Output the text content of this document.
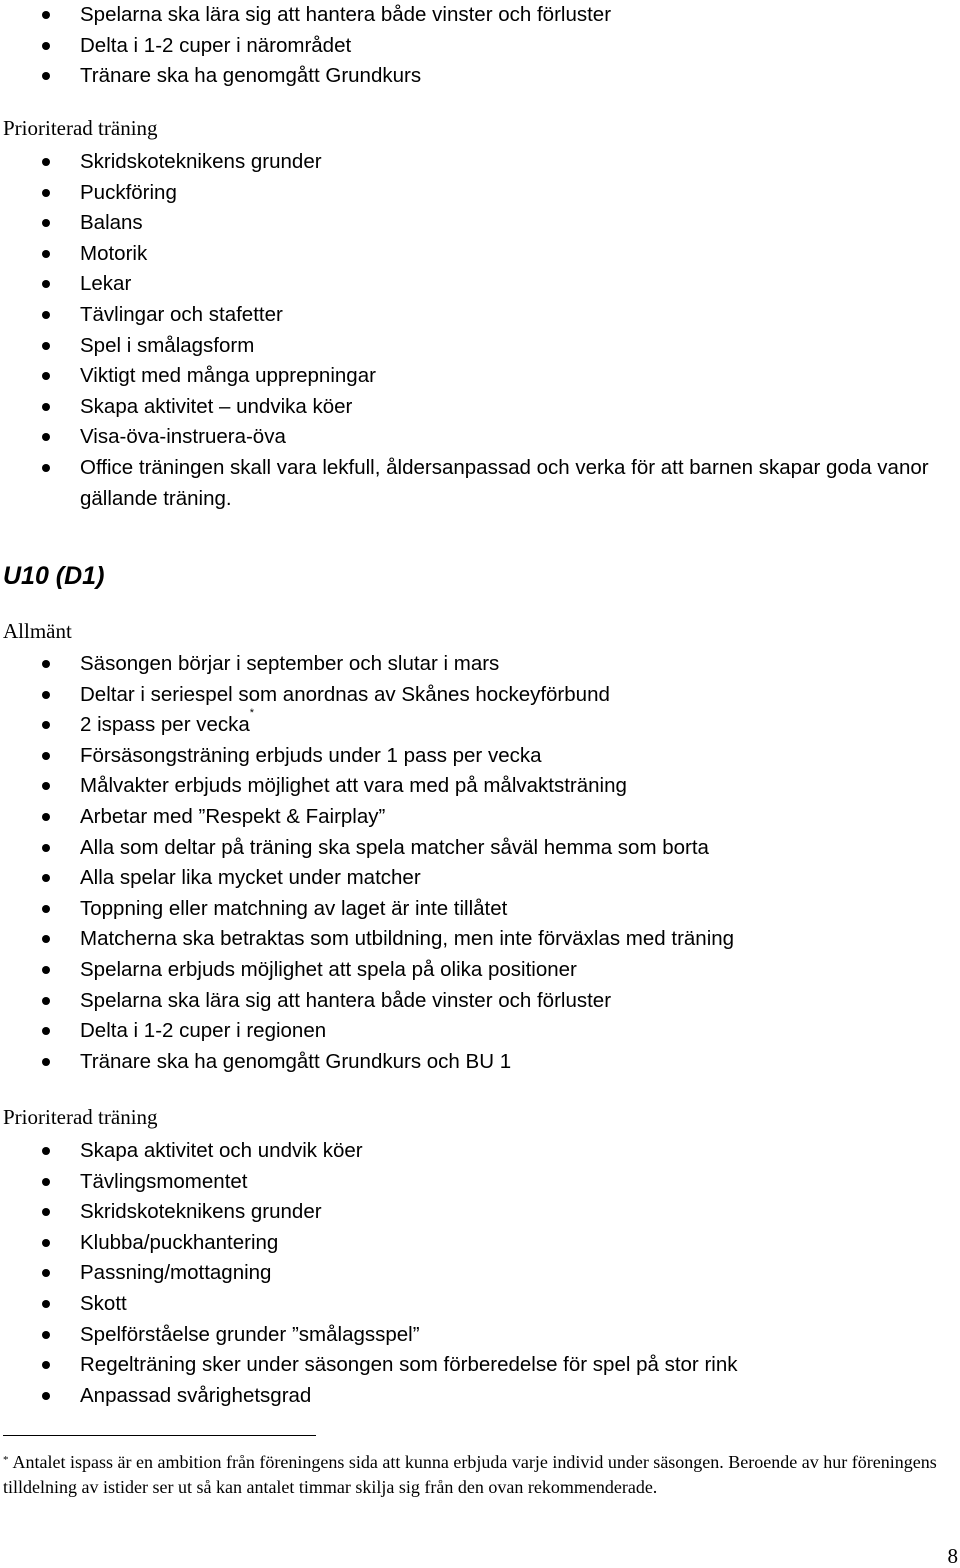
Spelarna ska lära sig att hantera både vinster och förluster
Delta i 1-2 cuper i närområdet
Tränare ska ha genomgått Grundkurs
Prioriterad träning
Skridskoteknikens grunder
Puckföring
Balans
Motorik
Lekar
Tävlingar och stafetter
Spel i smålagsform
Viktigt med många upprepningar
Skapa aktivitet – undvika köer
Visa-öva-instruera-öva
Office träningen skall vara lekfull, åldersanpassad och verka för att barnen skapar goda vanor gällande träning.
U10 (D1)
Allmänt
Säsongen börjar i september och slutar i mars
Deltar i seriespel som anordnas av Skånes hockeyförbund
2 ispass per vecka*
Försäsongsträning erbjuds under 1 pass per vecka
Målvakter erbjuds möjlighet att vara med på målvaktsträning
Arbetar med ”Respekt & Fairplay”
Alla som deltar på träning ska spela matcher såväl hemma som borta
Alla spelar lika mycket under matcher
Toppning eller matchning av laget är inte tillåtet
Matcherna ska betraktas som utbildning, men inte förväxlas med träning
Spelarna erbjuds möjlighet att spela på olika positioner
Spelarna ska lära sig att hantera både vinster och förluster
Delta i 1-2 cuper i regionen
Tränare ska ha genomgått Grundkurs och BU 1
Prioriterad träning
Skapa aktivitet och undvik köer
Tävlingsmomentet
Skridskoteknikens grunder
Klubba/puckhantering
Passning/mottagning
Skott
Spelförståelse grunder ”smålagsspel”
Regelträning sker under säsongen som förberedelse för spel på stor rink
Anpassad svårighetsgrad

* Antalet ispass är en ambition från föreningens sida att kunna erbjuda varje individ under säsongen. Beroende av hur föreningens tilldelning av istider ser ut så kan antalet timmar skilja sig från den ovan rekommenderade.

8
